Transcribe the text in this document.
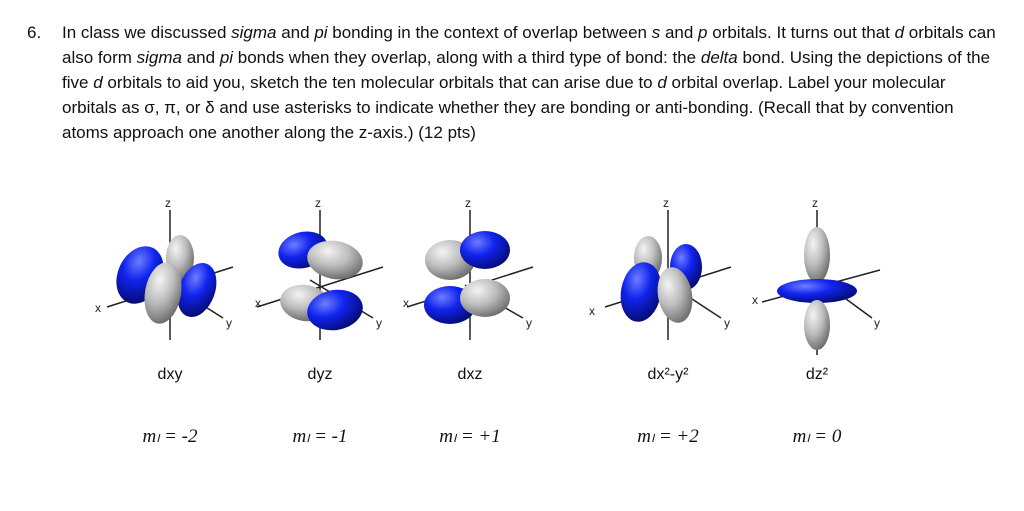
6. In class we discussed sigma and pi bonding in the context of overlap between s and p orbitals. It turns out that d orbitals can also form sigma and pi bonds when they overlap, along with a third type of bond: the delta bond. Using the depictions of the five d orbitals to aid you, sketch the ten molecular orbitals that can arise due to d orbital overlap. Label your molecular orbitals as σ, π, or δ and use asterisks to indicate whether they are bonding or anti-bonding. (Recall that by convention atoms approach one another along the z-axis.) (12 pts)
z
x
y
dxy
mₗ = -2
z
x
y
dyz
mₗ = -1
z
x
y
dxz
mₗ = +1
z
x
y
dx²-y²
mₗ = +2
z
x
y
dz²
mₗ = 0
